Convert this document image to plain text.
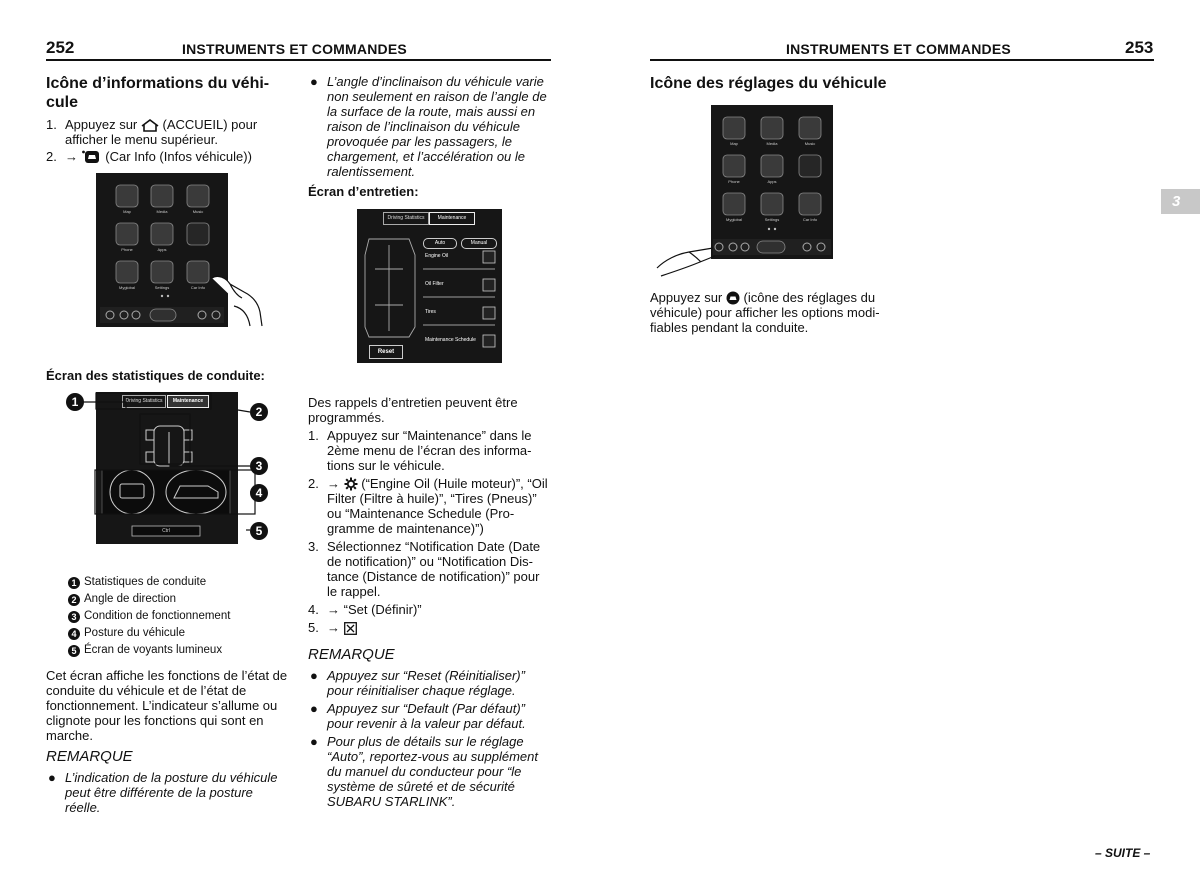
252	INSTRUMENTS ET COMMANDES
Icône d’informations du véhi-
cule
1. Appuyez sur (ACCUEIL) pour afficher le menu supérieur.
2. → (Car Info (Infos véhicule))
Map	Media	Music
Phone	Apps
Myglobal	Settings	Car Info
Écran des statistiques de conduite:
Driving Statistics	Maintenance
Ctrl
1
2
3
4
5
1 Statistiques de conduite
2 Angle de direction
3 Condition de fonctionnement
4 Posture du véhicule
5 Écran de voyants lumineux
Cet écran affiche les fonctions de l’état de conduite du véhicule et de l’état de fonctionnement. L’indicateur s’allume ou clignote pour les fonctions qui sont en marche.
REMARQUE
● L’indication de la posture du véhicule peut être différente de la posture réelle.
● L’angle d’inclinaison du véhicule varie non seulement en raison de l’angle de la surface de la route, mais aussi en raison de l’inclinaison du véhicule provoquée par les passagers, le chargement, et l’accélération ou le ralentissement.
Écran d’entretien:
Driving Statistics	Maintenance
Auto	Manual
Engine Oil
Oil Filter
Tires
Maintenance Schedule
Reset
Des rappels d’entretien peuvent être programmés.
1. Appuyez sur “Maintenance” dans le 2ème menu de l’écran des informa-tions sur le véhicule.
2. → (“Engine Oil (Huile moteur)”, “Oil Filter (Filtre à huile)”, “Tires (Pneus)” ou “Maintenance Schedule (Pro-gramme de maintenance)”)
3. Sélectionnez “Notification Date (Date de notification)” ou “Notification Dis-tance (Distance de notification)” pour le rappel.
4. → “Set (Définir)”
5. →
REMARQUE
● Appuyez sur “Reset (Réinitialiser)” pour réinitialiser chaque réglage.
● Appuyez sur “Default (Par défaut)” pour revenir à la valeur par défaut.
● Pour plus de détails sur le réglage “Auto”, reportez-vous au supplément du manuel du conducteur pour “le système de sûreté et de sécurité SUBARU STARLINK”.
INSTRUMENTS ET COMMANDES	253
Icône des réglages du véhicule
Map	Media	Music
Phone	Apps
Myglobal	Settings	Car Info
Appuyez sur (icône des réglages du véhicule) pour afficher les options modi-fiables pendant la conduite.
3
– SUITE –
